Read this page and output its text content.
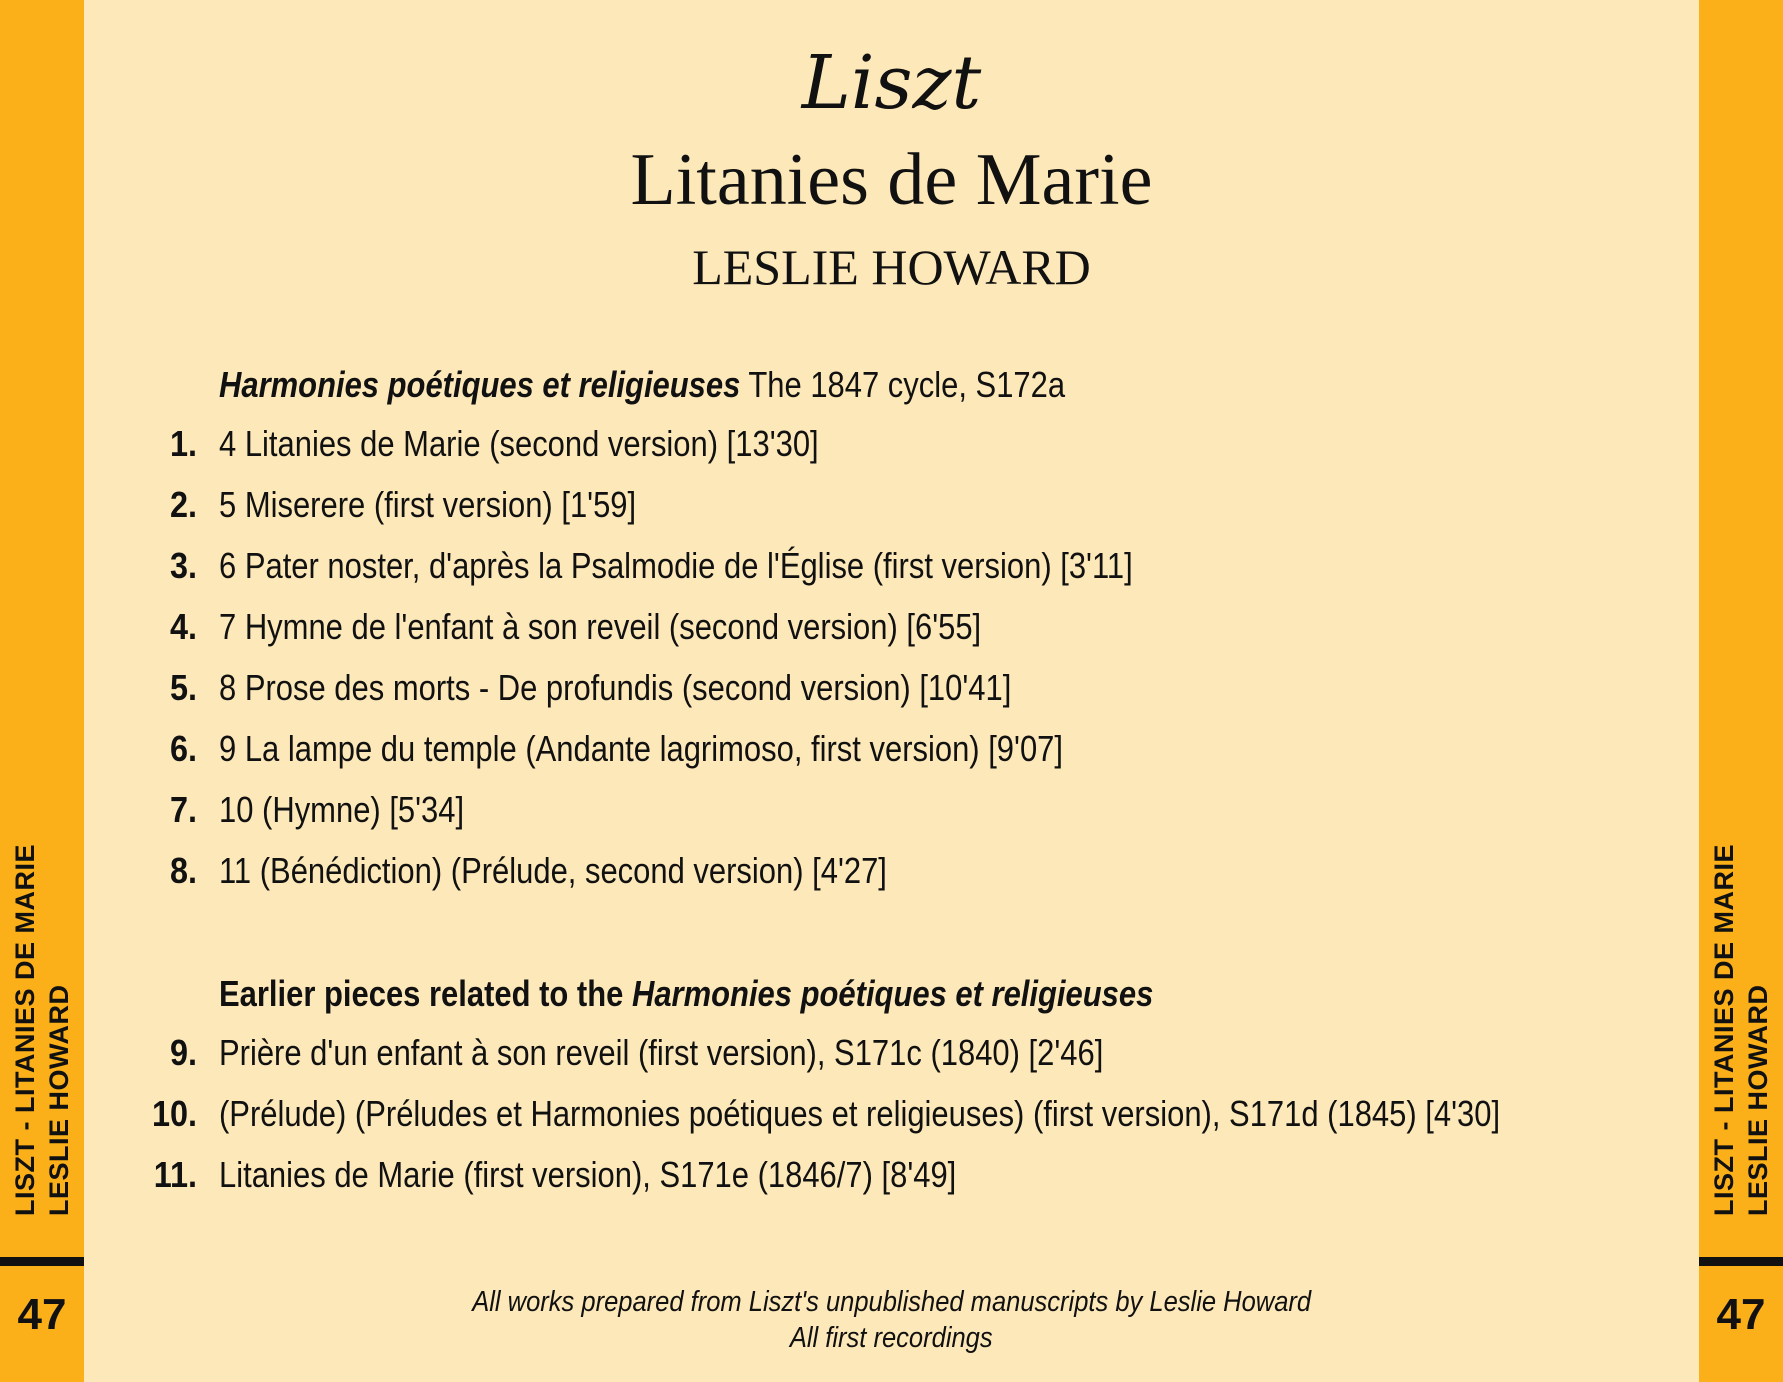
LISZT - LITANIES DE MARIE LESLIE HOWARD
47
LISZT - LITANIES DE MARIE LESLIE HOWARD
47
Liszt
Litanies de Marie
LESLIE HOWARD
Harmonies poétiques et religieuses The 1847 cycle, S172a
1. 4 Litanies de Marie (second version) [13'30]
2. 5 Miserere (first version) [1'59]
3. 6 Pater noster, d'après la Psalmodie de l'Église (first version) [3'11]
4. 7 Hymne de l'enfant à son reveil (second version) [6'55]
5. 8 Prose des morts - De profundis (second version) [10'41]
6. 9 La lampe du temple (Andante lagrimoso, first version) [9'07]
7. 10 (Hymne) [5'34]
8. 11 (Bénédiction) (Prélude, second version) [4'27]
Earlier pieces related to the Harmonies poétiques et religieuses
9. Prière d'un enfant à son reveil (first version), S171c (1840) [2'46]
10. (Prélude) (Préludes et Harmonies poétiques et religieuses) (first version), S171d (1845) [4'30]
11. Litanies de Marie (first version), S171e (1846/7) [8'49]
All works prepared from Liszt's unpublished manuscripts by Leslie Howard
All first recordings
